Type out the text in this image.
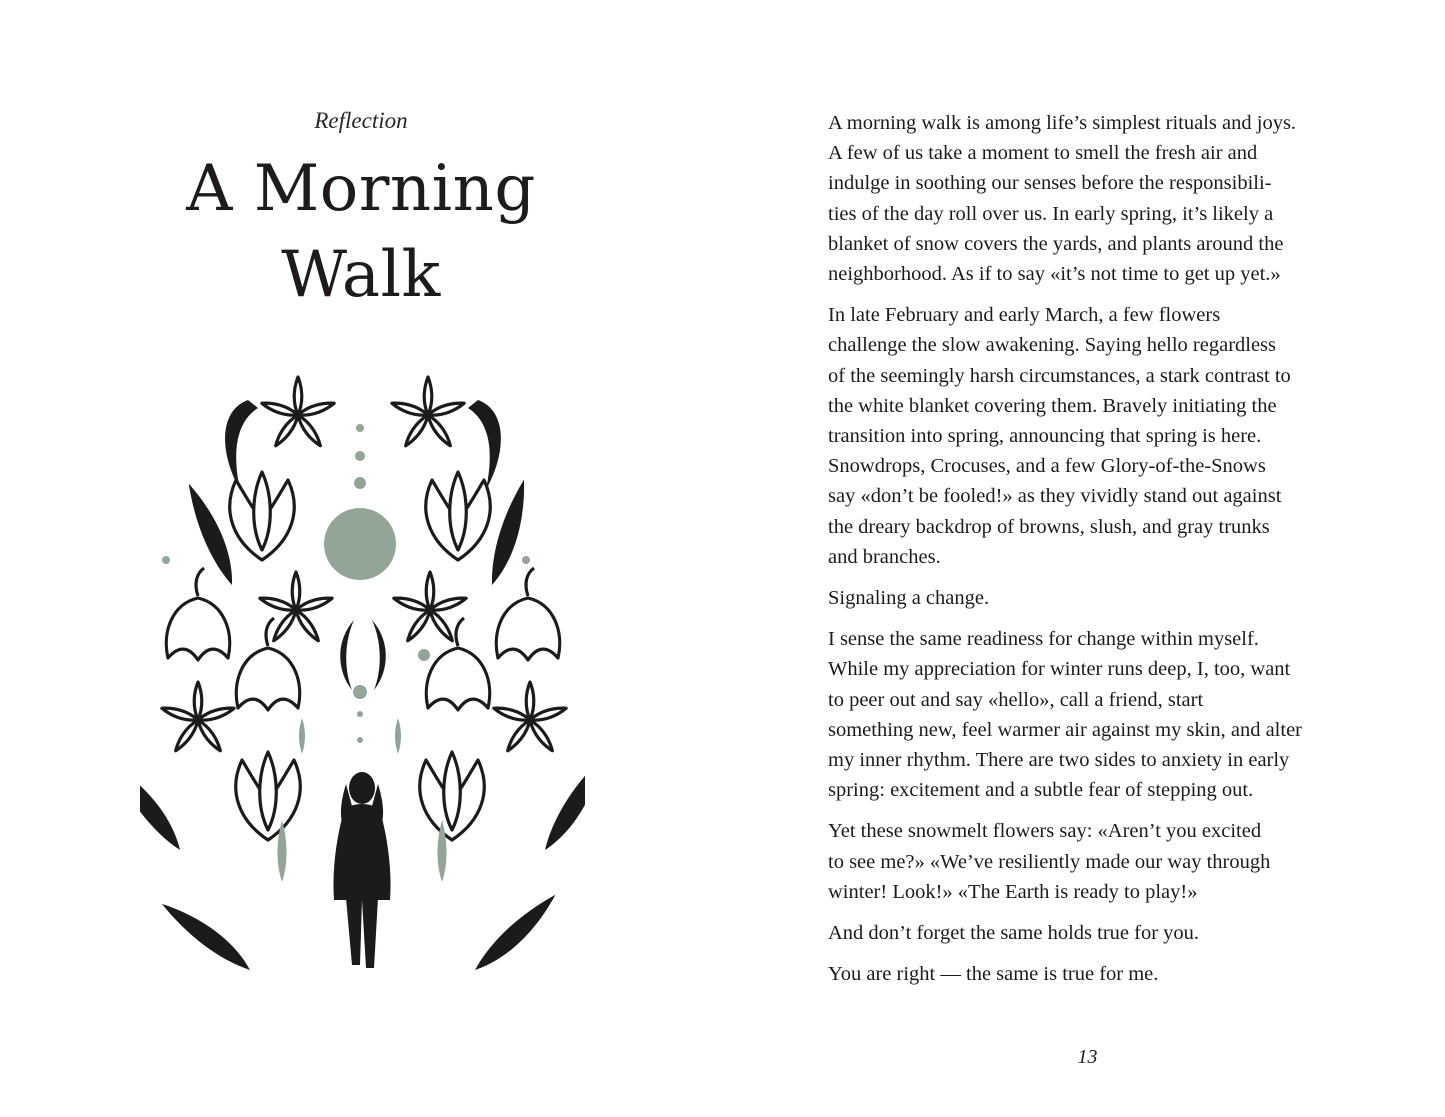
Reflection
A Morning
Walk

A morning walk is among life’s simplest rituals and joys.
A few of us take a moment to smell the fresh air and
indulge in soothing our senses before the responsibili-
ties of the day roll over us. In early spring, it’s likely a
blanket of snow covers the yards, and plants around the
neighborhood. As if to say «it’s not time to get up yet.»

In late February and early March, a few flowers
challenge the slow awakening. Saying hello regardless
of the seemingly harsh circumstances, a stark contrast to
the white blanket covering them. Bravely initiating the
transition into spring, announcing that spring is here.
Snowdrops, Crocuses, and a few Glory-of-the-Snows
say «don’t be fooled!» as they vividly stand out against
the dreary backdrop of browns, slush, and gray trunks
and branches.

Signaling a change.

I sense the same readiness for change within myself.
While my appreciation for winter runs deep, I, too, want
to peer out and say «hello», call a friend, start
something new, feel warmer air against my skin, and alter
my inner rhythm. There are two sides to anxiety in early
spring: excitement and a subtle fear of stepping out.

Yet these snowmelt flowers say: «Aren’t you excited
to see me?» «We’ve resiliently made our way through
winter! Look!» «The Earth is ready to play!»

And don’t forget the same holds true for you.

You are right — the same is true for me.

13
